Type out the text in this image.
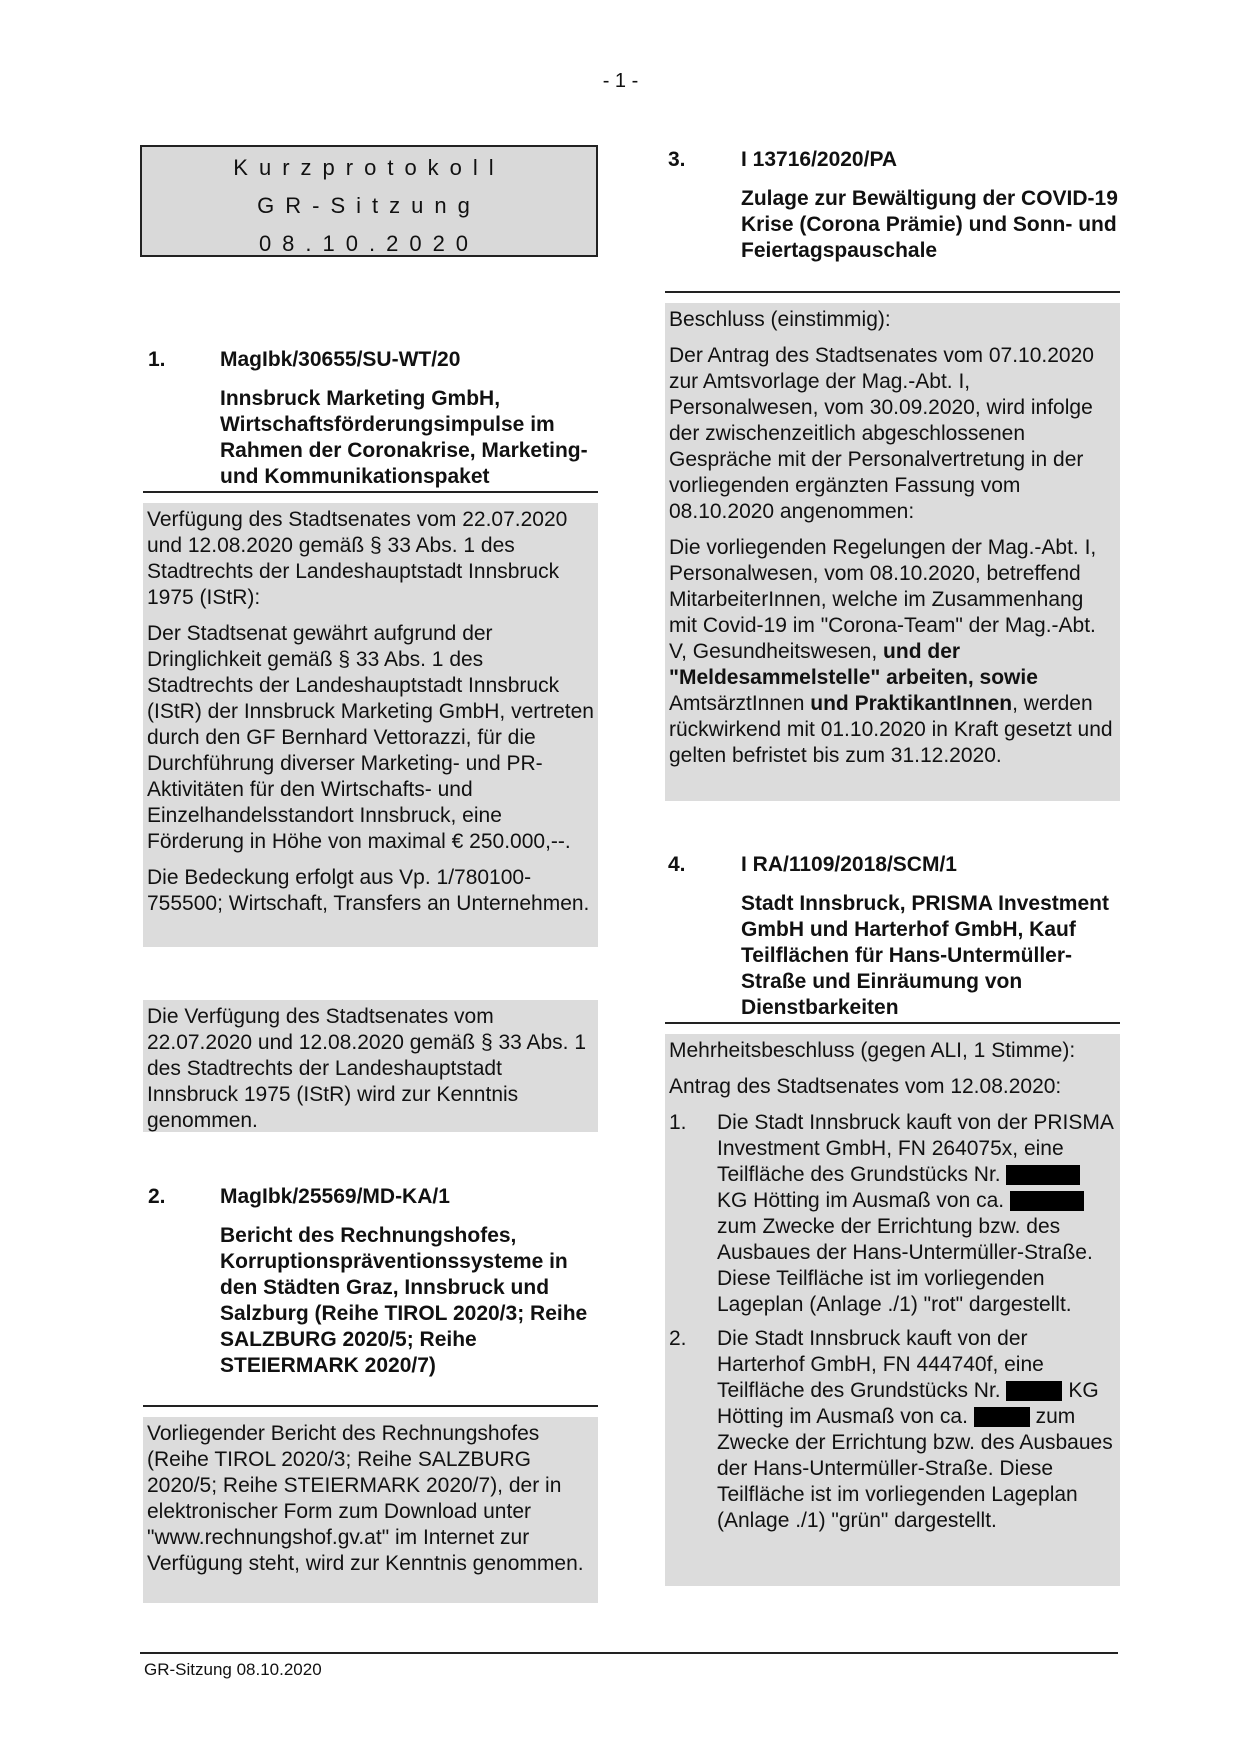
- 1 -
Kurzprotokoll
GR-Sitzung
08.10.2020
1.	MagIbk/30655/SU-WT/20
Innsbruck Marketing GmbH, Wirtschaftsförderungsimpulse im Rahmen der Coronakrise, Marketing- und Kommunikationspaket

Verfügung des Stadtsenates vom 22.07.2020 und 12.08.2020 gemäß § 33 Abs. 1 des Stadtrechts der Landeshauptstadt Innsbruck 1975 (IStR):

Der Stadtsenat gewährt aufgrund der Dringlichkeit gemäß § 33 Abs. 1 des Stadtrechts der Landeshauptstadt Innsbruck (IStR) der Innsbruck Marketing GmbH, vertreten durch den GF Bernhard Vettorazzi, für die Durchführung diverser Marketing- und PR-Aktivitäten für den Wirtschafts- und Einzelhandelsstandort Innsbruck, eine Förderung in Höhe von maximal € 250.000,--.

Die Bedeckung erfolgt aus Vp. 1/780100-755500; Wirtschaft, Transfers an Unternehmen.

Die Verfügung des Stadtsenates vom 22.07.2020 und 12.08.2020 gemäß § 33 Abs. 1 des Stadtrechts der Landeshauptstadt Innsbruck 1975 (IStR) wird zur Kenntnis genommen.

2.	MagIbk/25569/MD-KA/1
Bericht des Rechnungshofes, Korruptionspräventionssysteme in den Städten Graz, Innsbruck und Salzburg (Reihe TIROL 2020/3; Reihe SALZBURG 2020/5; Reihe STEIERMARK 2020/7)

Vorliegender Bericht des Rechnungshofes (Reihe TIROL 2020/3; Reihe SALZBURG 2020/5; Reihe STEIERMARK 2020/7), der in elektronischer Form zum Download unter "www.rechnungshof.gv.at" im Internet zur Verfügung steht, wird zur Kenntnis genommen.

3.	I 13716/2020/PA
Zulage zur Bewältigung der COVID-19 Krise (Corona Prämie) und Sonn- und Feiertagspauschale

Beschluss (einstimmig):

Der Antrag des Stadtsenates vom 07.10.2020 zur Amtsvorlage der Mag.-Abt. I, Personalwesen, vom 30.09.2020, wird infolge der zwischenzeitlich abgeschlossenen Gespräche mit der Personalvertretung in der vorliegenden ergänzten Fassung vom 08.10.2020 angenommen:

Die vorliegenden Regelungen der Mag.-Abt. I, Personalwesen, vom 08.10.2020, betreffend MitarbeiterInnen, welche im Zusammenhang mit Covid-19 im "Corona-Team" der Mag.-Abt. V, Gesundheitswesen, und der "Meldesammelstelle" arbeiten, sowie AmtsärztInnen und PraktikantInnen, werden rückwirkend mit 01.10.2020 in Kraft gesetzt und gelten befristet bis zum 31.12.2020.

4.	I RA/1109/2018/SCM/1
Stadt Innsbruck, PRISMA Investment GmbH und Harterhof GmbH, Kauf Teilflächen für Hans-Untermüller-Straße und Einräumung von Dienstbarkeiten

Mehrheitsbeschluss (gegen ALI, 1 Stimme):

Antrag des Stadtsenates vom 12.08.2020:

1. Die Stadt Innsbruck kauft von der PRISMA Investment GmbH, FN 264075x, eine Teilfläche des Grundstücks Nr.  KG Hötting im Ausmaß von ca.  zum Zwecke der Errichtung bzw. des Ausbaues der Hans-Untermüller-Straße. Diese Teilfläche ist im vorliegenden Lageplan (Anlage ./1) "rot" dargestellt.
2. Die Stadt Innsbruck kauft von der Harterhof GmbH, FN 444740f, eine Teilfläche des Grundstücks Nr.	KG Hötting im Ausmaß von ca.	zum Zwecke der Errichtung bzw. des Ausbaues der Hans-Untermüller-Straße. Diese Teilfläche ist im vorliegenden Lageplan (Anlage ./1) "grün" dargestellt.
GR-Sitzung 08.10.2020
